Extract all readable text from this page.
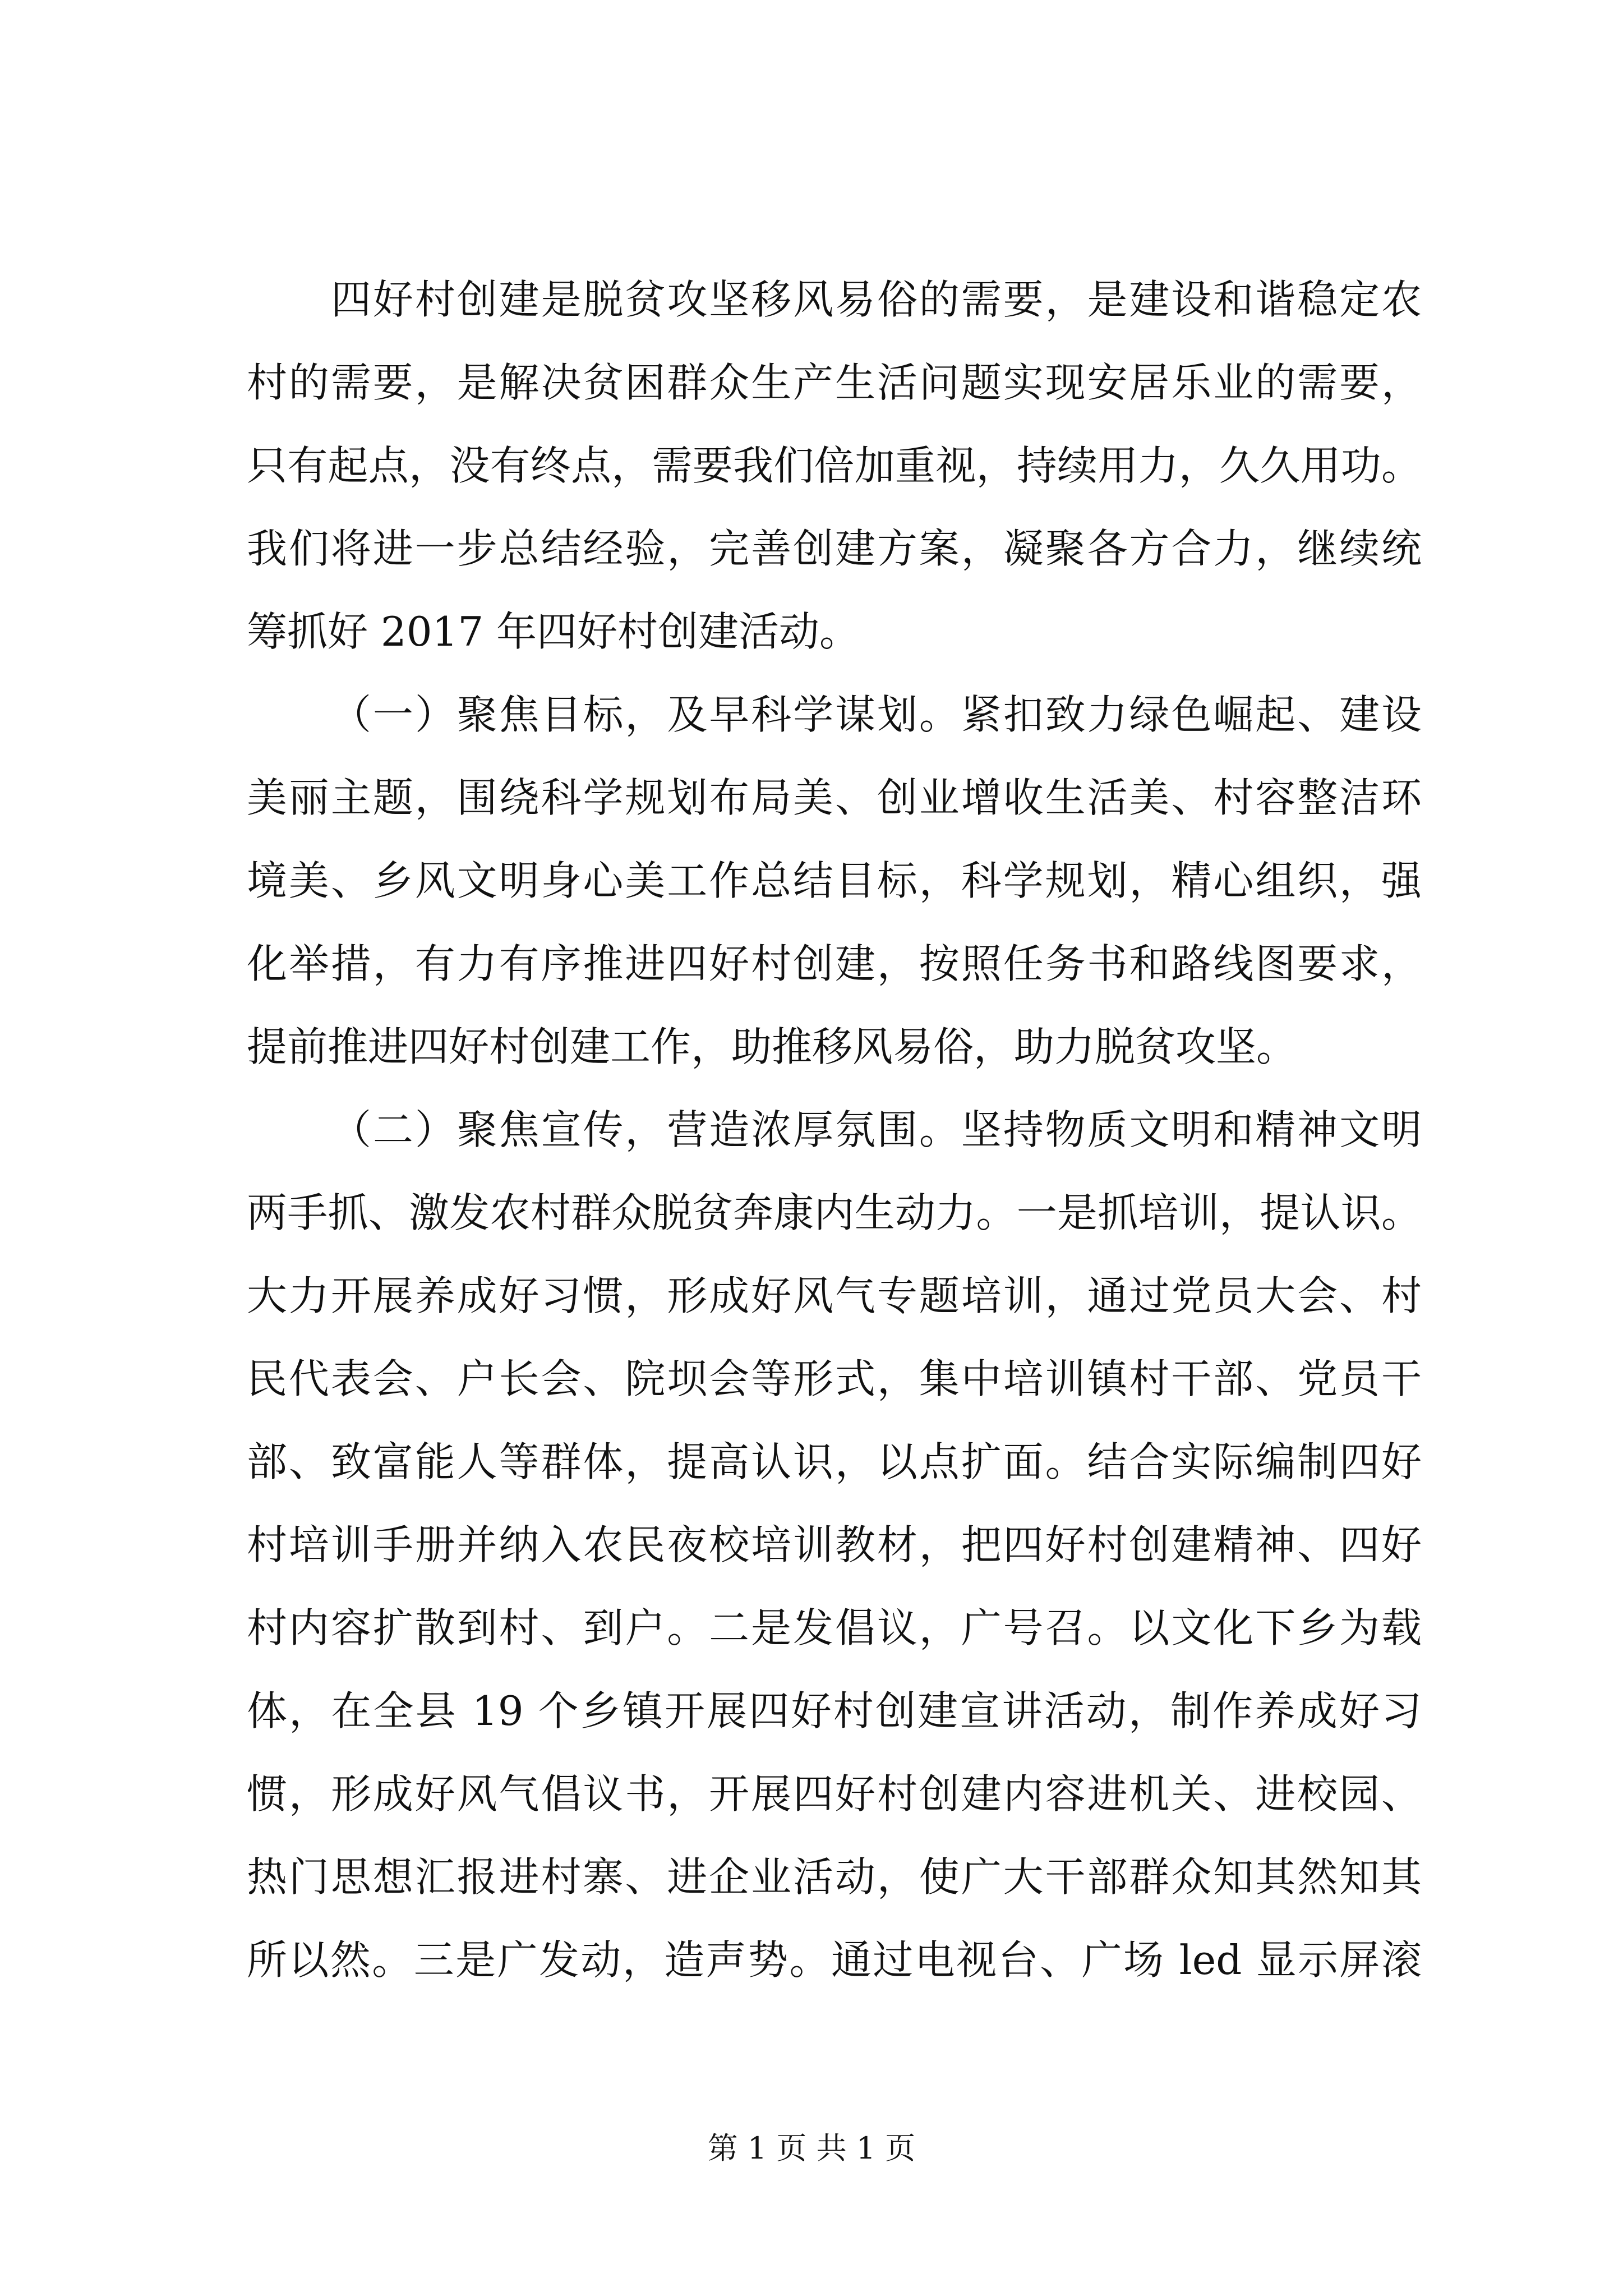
四好村创建是脱贫攻坚移风易俗的需要，是建设和谐稳定农
村的需要，是解决贫困群众生产生活问题实现安居乐业的需要，
只有起点，没有终点，需要我们倍加重视，持续用力，久久用功。
我们将进一步总结经验，完善创建方案，凝聚各方合力，继续统
筹抓好 2017 年四好村创建活动。
（一）聚焦目标，及早科学谋划。紧扣致力绿色崛起、建设
美丽主题，围绕科学规划布局美、创业增收生活美、村容整洁环
境美、乡风文明身心美工作总结目标，科学规划，精心组织，强
化举措，有力有序推进四好村创建，按照任务书和路线图要求，
提前推进四好村创建工作，助推移风易俗，助力脱贫攻坚。
（二）聚焦宣传，营造浓厚氛围。坚持物质文明和精神文明
两手抓、激发农村群众脱贫奔康内生动力。一是抓培训，提认识。
大力开展养成好习惯，形成好风气专题培训，通过党员大会、村
民代表会、户长会、院坝会等形式，集中培训镇村干部、党员干
部、致富能人等群体，提高认识，以点扩面。结合实际编制四好
村培训手册并纳入农民夜校培训教材，把四好村创建精神、四好
村内容扩散到村、到户。二是发倡议，广号召。以文化下乡为载
体，在全县 19 个乡镇开展四好村创建宣讲活动，制作养成好习
惯，形成好风气倡议书，开展四好村创建内容进机关、进校园、
热门思想汇报进村寨、进企业活动，使广大干部群众知其然知其
所以然。三是广发动，造声势。通过电视台、广场 led 显示屏滚
第 1 页 共 1 页
